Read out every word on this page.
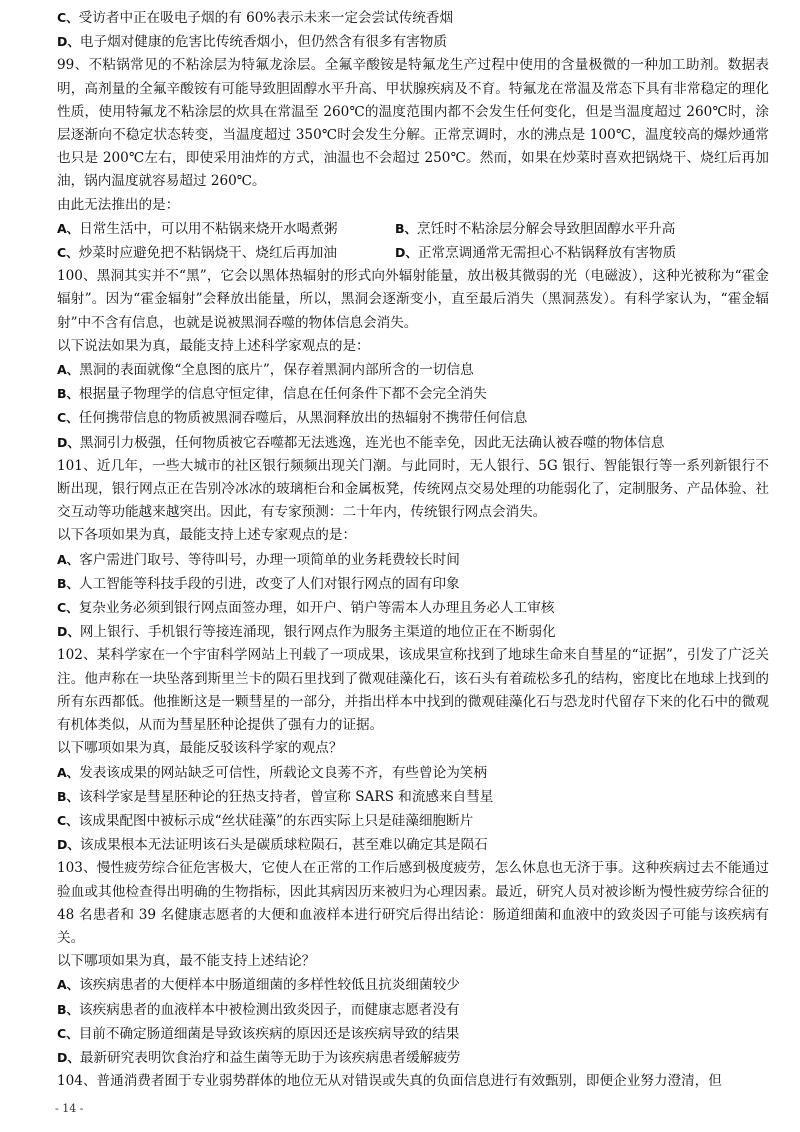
C、受访者中正在吸电子烟的有 60%表示未来一定会尝试传统香烟
D、电子烟对健康的危害比传统香烟小，但仍然含有很多有害物质

99、不粘锅常见的不粘涂层为特氟龙涂层。全氟辛酸铵是特氟龙生产过程中使用的含量极微的一种加工助剂。数据表明，高剂量的全氟辛酸铵有可能导致胆固醇水平升高、甲状腺疾病及不育。特氟龙在常温及常态下具有非常稳定的理化性质，使用特氟龙不粘涂层的炊具在常温至 260℃的温度范围内都不会发生任何变化，但是当温度超过 260℃时，涂层逐渐向不稳定状态转变，当温度超过 350℃时会发生分解。正常烹调时，水的沸点是 100℃，温度较高的爆炒通常也只是 200℃左右，即使采用油炸的方式，油温也不会超过 250℃。然而，如果在炒菜时喜欢把锅烧干、烧红后再加油，锅内温度就容易超过 260℃。

由此无法推出的是：
A、日常生活中，可以用不粘锅来烧开水喝煮粥	B、烹饪时不粘涂层分解会导致胆固醇水平升高
C、炒菜时应避免把不粘锅烧干、烧红后再加油	D、正常烹调通常无需担心不粘锅释放有害物质

100、黑洞其实并不“黑”，它会以黑体热辐射的形式向外辐射能量，放出极其微弱的光（电磁波），这种光被称为“霍金辐射”。因为“霍金辐射”会释放出能量，所以，黑洞会逐渐变小，直至最后消失（黑洞蒸发）。有科学家认为，“霍金辐射”中不含有信息，也就是说被黑洞吞噬的物体信息会消失。

以下说法如果为真，最能支持上述科学家观点的是：
A、黑洞的表面就像“全息图的底片”，保存着黑洞内部所含的一切信息
B、根据量子物理学的信息守恒定律，信息在任何条件下都不会完全消失
C、任何携带信息的物质被黑洞吞噬后，从黑洞释放出的热辐射不携带任何信息
D、黑洞引力极强，任何物质被它吞噬都无法逃逸，连光也不能幸免，因此无法确认被吞噬的物体信息

101、近几年，一些大城市的社区银行频频出现关门潮。与此同时，无人银行、5G 银行、智能银行等一系列新银行不断出现，银行网点正在告别冷冰冰的玻璃柜台和金属板凳，传统网点交易处理的功能弱化了，定制服务、产品体验、社交互动等功能越来越突出。因此，有专家预测：二十年内，传统银行网点会消失。

以下各项如果为真，最能支持上述专家观点的是：
A、客户需进门取号、等待叫号，办理一项简单的业务耗费较长时间
B、人工智能等科技手段的引进，改变了人们对银行网点的固有印象
C、复杂业务必须到银行网点面签办理，如开户、销户等需本人办理且务必人工审核
D、网上银行、手机银行等接连涌现，银行网点作为服务主渠道的地位正在不断弱化

102、某科学家在一个宇宙科学网站上刊载了一项成果，该成果宣称找到了地球生命来自彗星的“证据”，引发了广泛关注。他声称在一块坠落到斯里兰卡的陨石里找到了微观硅藻化石，该石头有着疏松多孔的结构，密度比在地球上找到的所有东西都低。他推断这是一颗彗星的一部分，并指出样本中找到的微观硅藻化石与恐龙时代留存下来的化石中的微观有机体类似，从而为彗星胚种论提供了强有力的证据。

以下哪项如果为真，最能反驳该科学家的观点？
A、发表该成果的网站缺乏可信性，所载论文良莠不齐，有些曾论为笑柄
B、该科学家是彗星胚种论的狂热支持者，曾宣称 SARS 和流感来自彗星
C、该成果配图中被标示成“丝状硅藻”的东西实际上只是硅藻细胞断片
D、该成果根本无法证明该石头是碳质球粒陨石，甚至难以确定其是陨石

103、慢性疲劳综合征危害极大，它使人在正常的工作后感到极度疲劳，怎么休息也无济于事。这种疾病过去不能通过验血或其他检查得出明确的生物指标，因此其病因历来被归为心理因素。最近，研究人员对被诊断为慢性疲劳综合征的 48 名患者和 39 名健康志愿者的大便和血液样本进行研究后得出结论：肠道细菌和血液中的致炎因子可能与该疾病有关。

以下哪项如果为真，最不能支持上述结论？
A、该疾病患者的大便样本中肠道细菌的多样性较低且抗炎细菌较少
B、该疾病患者的血液样本中被检测出致炎因子，而健康志愿者没有
C、目前不确定肠道细菌是导致该疾病的原因还是该疾病导致的结果
D、最新研究表明饮食治疗和益生菌等无助于为该疾病患者缓解疲劳
104、普通消费者囿于专业弱势群体的地位无从对错误或失真的负面信息进行有效甄别，即便企业努力澄清，但
- 14 -
